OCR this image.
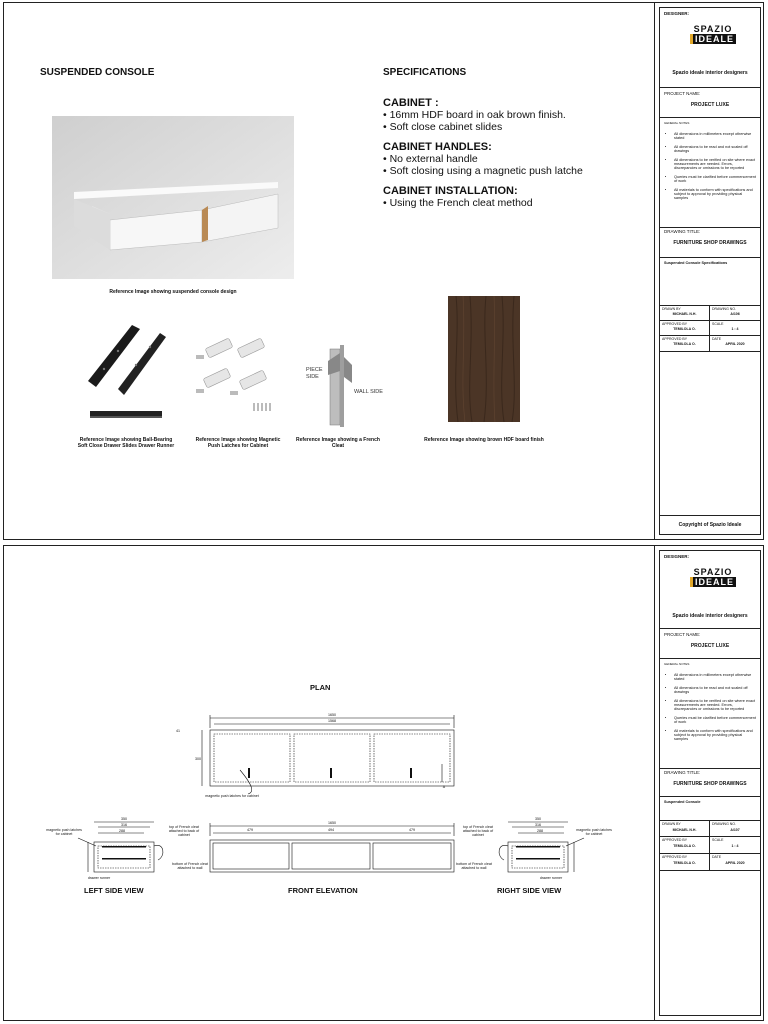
SUSPENDED CONSOLE	SPECIFICATIONS
CABINET :
• 16mm HDF board in oak brown finish.
• Soft close cabinet slides
CABINET HANDLES:
• No external handle
• Soft closing using a magnetic push latche
CABINET INSTALLATION:
• Using the French cleat method
Reference Image showing suspended console design
Reference Image showing Ball-Bearing Soft Close Drawer Slides Drawer Runner
Reference Image showing Magnetic Push Latches for Cabinet
PIECE
SIDE
WALL SIDE
Reference Image showing a French Cleat
Reference Image showing brown HDF board finish
DESIGNER:
SPAZIO
IDEALE
Spazio ideale interior designers
PROJECT NAME:
PROJECT LUXE
GENERAL NOTES
• All dimensions in millimeters except otherwise stated
• All dimensions to be read and not scaled off drawings
• All dimensions to be verified on site where exact measurements are needed. Errors, discrepancies or omissions to be reported
• Queries must be clarified before commencement of work
• All materials to conform with specifications and subject to approval by providing physical samples
DRAWING TITLE:
FURNITURE SHOP DRAWINGS
Suspended Console Specifications
DRAWN BY
MICHAEL N.H.
DRAWING NO.
A/106
APPROVED BY
TEMILOLA O.
SCALE
1 : 4
APPROVED BY
TEMILOLA O.
DATE
APRIL 2020
Copyright of Spazio Ideale
PLAN
1650
1568
300
41
A
1650
479	494	479
350
316
288
350
316
288
magnetic push latches for cabinet
magnetic push latches for cabinet
top of French cleat attached to back of cabinet
bottom of French cleat attached to wall
drawer runner
top of French cleat attached to back of cabinet
bottom of French cleat attached to wall
magnetic push latches for cabinet
drawer runner
LEFT SIDE VIEW	FRONT ELEVATION	RIGHT SIDE VIEW
DESIGNER:
SPAZIO
IDEALE
Spazio ideale interior designers
PROJECT NAME:
PROJECT LUXE
GENERAL NOTES
• All dimensions in millimeters except otherwise stated
• All dimensions to be read and not scaled off drawings
• All dimensions to be verified on site where exact measurements are needed. Errors, discrepancies or omissions to be reported
• Queries must be clarified before commencement of work
• All materials to conform with specifications and subject to approval by providing physical samples
DRAWING TITLE:
FURNITURE SHOP DRAWINGS
Suspended Console
DRAWN BY
MICHAEL N.H.
DRAWING NO.
A/107
APPROVED BY
TEMILOLA O.
SCALE
1 : 4
APPROVED BY
TEMILOLA O.
DATE
APRIL 2020
